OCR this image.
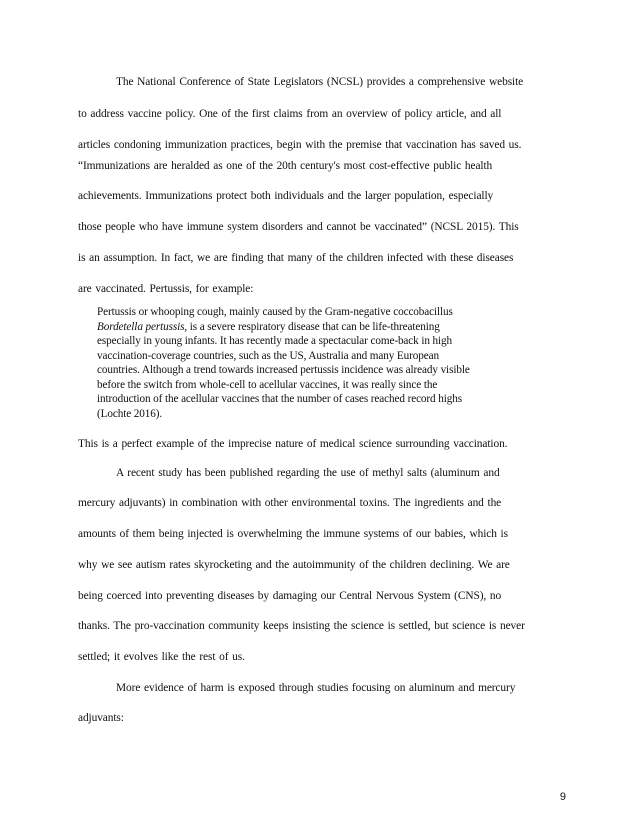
The National Conference of State Legislators (NCSL) provides a comprehensive website
to address vaccine policy. One of the first claims from an overview of policy article, and all
articles condoning immunization practices, begin with the premise that vaccination has saved us.
“Immunizations are heralded as one of the 20th century's most cost-effective public health
achievements. Immunizations protect both individuals and the larger population, especially
those people who have immune system disorders and cannot be vaccinated” (NCSL 2015). This
is an assumption. In fact, we are finding that many of the children infected with these diseases
are vaccinated. Pertussis, for example:
Pertussis or whooping cough, mainly caused by the Gram-negative coccobacillus
Bordetella pertussis, is a severe respiratory disease that can be life-threatening
especially in young infants. It has recently made a spectacular come-back in high
vaccination-coverage countries, such as the US, Australia and many European
countries. Although a trend towards increased pertussis incidence was already visible
before the switch from whole-cell to acellular vaccines, it was really since the
introduction of the acellular vaccines that the number of cases reached record highs
(Lochte 2016).
This is a perfect example of the imprecise nature of medical science surrounding vaccination.
A recent study has been published regarding the use of methyl salts (aluminum and
mercury adjuvants) in combination with other environmental toxins. The ingredients and the
amounts of them being injected is overwhelming the immune systems of our babies, which is
why we see autism rates skyrocketing and the autoimmunity of the children declining. We are
being coerced into preventing diseases by damaging our Central Nervous System (CNS), no
thanks. The pro-vaccination community keeps insisting the science is settled, but science is never
settled; it evolves like the rest of us.
More evidence of harm is exposed through studies focusing on aluminum and mercury
adjuvants:
9
